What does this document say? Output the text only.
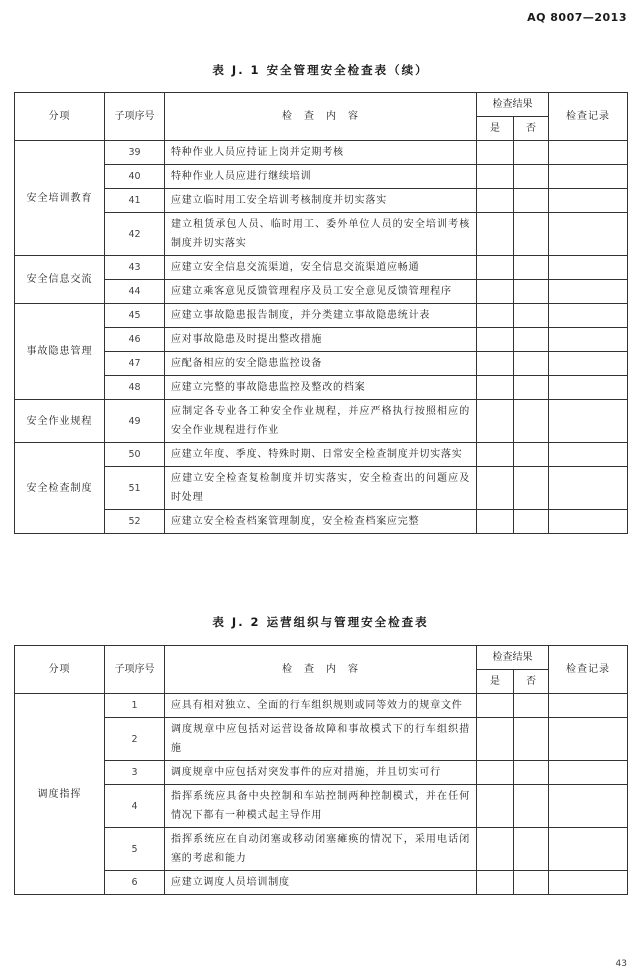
AQ 8007—2013
表 J. 1 安全管理安全检查表（续）
分项	子项序号	检　查　内　容	检查结果		检查记录
			是	否	
安全培训教育	39	特种作业人员应持证上岗并定期考核			
	40	特种作业人员应进行继续培训			
	41	应建立临时用工安全培训考核制度并切实落实			
	42	建立租赁承包人员、临时用工、委外单位人员的安全培训考核制度并切实落实			
安全信息交流	43	应建立安全信息交流渠道，安全信息交流渠道应畅通			
	44	应建立乘客意见反馈管理程序及员工安全意见反馈管理程序			
事故隐患管理	45	应建立事故隐患报告制度，并分类建立事故隐患统计表			
	46	应对事故隐患及时提出整改措施			
	47	应配备相应的安全隐患监控设备			
	48	应建立完整的事故隐患监控及整改的档案			
安全作业规程	49	应制定各专业各工种安全作业规程，并应严格执行按照相应的安全作业规程进行作业			
安全检查制度	50	应建立年度、季度、特殊时期、日常安全检查制度并切实落实			
	51	应建立安全检查复检制度并切实落实，安全检查出的问题应及时处理			
	52	应建立安全检查档案管理制度，安全检查档案应完整			
表 J. 2 运营组织与管理安全检查表
分项	子项序号	检　查　内　容	检查结果		检查记录
			是	否	
调度指挥	1	应具有相对独立、全面的行车组织规则或同等效力的规章文件			
	2	调度规章中应包括对运营设备故障和事故模式下的行车组织措施			
	3	调度规章中应包括对突发事件的应对措施，并且切实可行			
	4	指挥系统应具备中央控制和车站控制两种控制模式，并在任何情况下都有一种模式起主导作用			
	5	指挥系统应在自动闭塞或移动闭塞瘫痪的情况下，采用电话闭塞的考虑和能力			
	6	应建立调度人员培训制度			
43
